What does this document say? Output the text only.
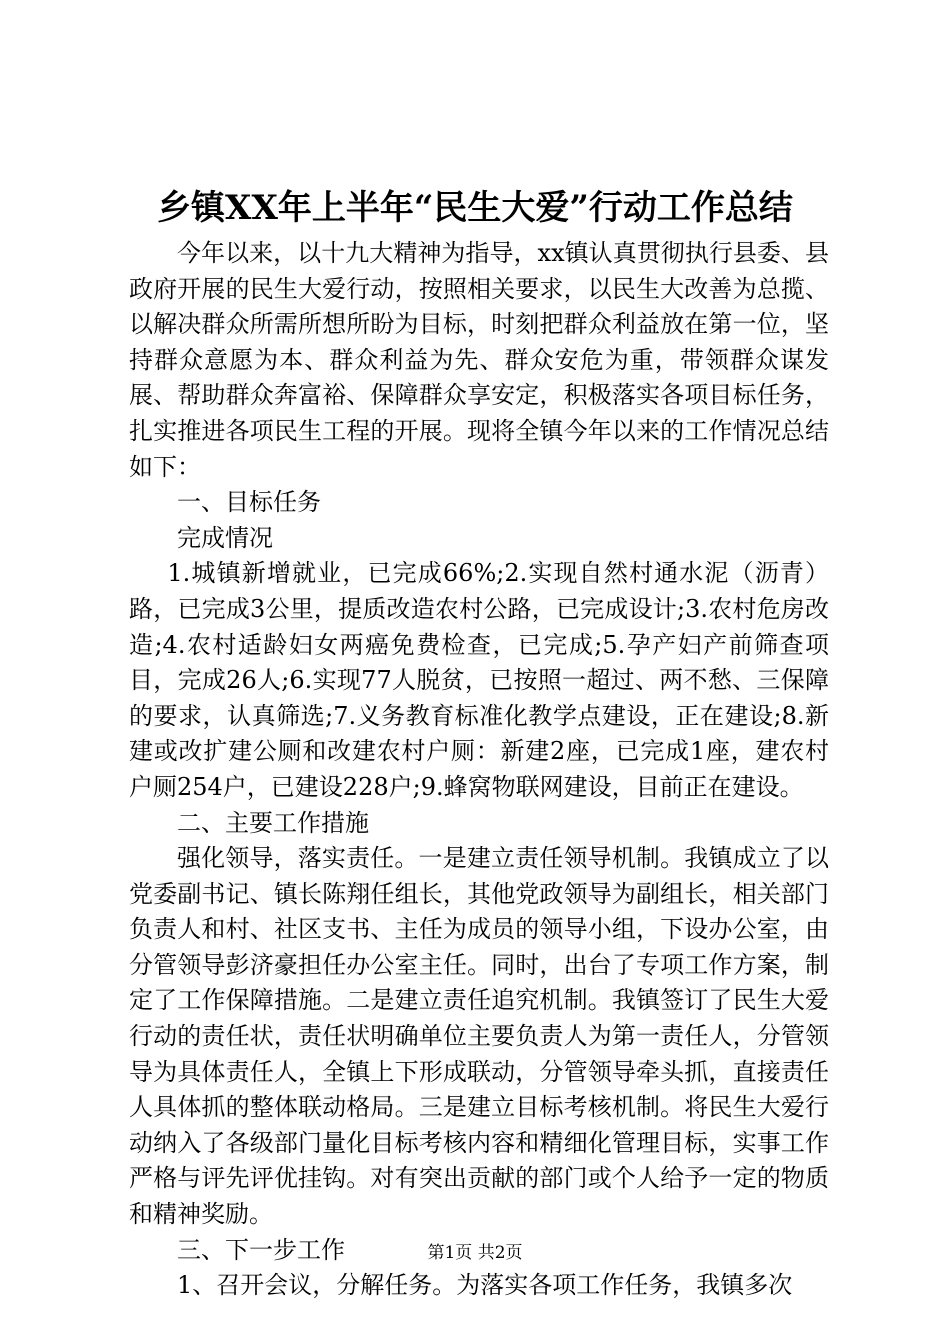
乡镇XX年上半年“民生大爱”行动工作总结

今年以来，以十九大精神为指导，xx镇认真贯彻执行县委、县政府开展的民生大爱行动，按照相关要求，以民生大改善为总揽、以解决群众所需所想所盼为目标，时刻把群众利益放在第一位，坚持群众意愿为本、群众利益为先、群众安危为重，带领群众谋发展、帮助群众奔富裕、保障群众享安定，积极落实各项目标任务，扎实推进各项民生工程的开展。现将全镇今年以来的工作情况总结如下：

一、目标任务

完成情况

1.城镇新增就业，已完成66%;2.实现自然村通水泥（沥青）路，已完成3公里，提质改造农村公路，已完成设计;3.农村危房改造;4.农村适龄妇女两癌免费检查，已完成;5.孕产妇产前筛查项目，完成26人;6.实现77人脱贫，已按照一超过、两不愁、三保障的要求，认真筛选;7.义务教育标准化教学点建设，正在建设;8.新建或改扩建公厕和改建农村户厕：新建2座，已完成1座，建农村户厕254户，已建设228户;9.蜂窝物联网建设，目前正在建设。

二、主要工作措施

强化领导，落实责任。一是建立责任领导机制。我镇成立了以党委副书记、镇长陈翔任组长，其他党政领导为副组长，相关部门负责人和村、社区支书、主任为成员的领导小组，下设办公室，由分管领导彭济豪担任办公室主任。同时，出台了专项工作方案，制定了工作保障措施。二是建立责任追究机制。我镇签订了民生大爱行动的责任状，责任状明确单位主要负责人为第一责任人，分管领导为具体责任人，全镇上下形成联动，分管领导牵头抓，直接责任人具体抓的整体联动格局。三是建立目标考核机制。将民生大爱行动纳入了各级部门量化目标考核内容和精细化管理目标，实事工作严格与评先评优挂钩。对有突出贡献的部门或个人给予一定的物质和精神奖励。

三、下一步工作

1、召开会议，分解任务。为落实各项工作任务，我镇多次

第1页 共2页
